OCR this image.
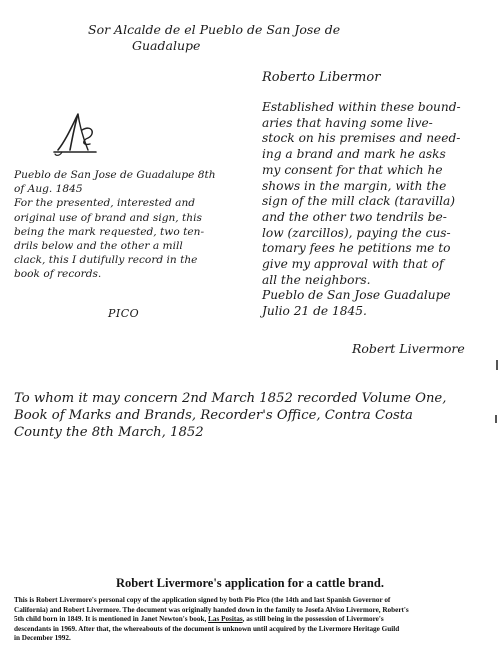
Sor Alcalde de el Pueblo de San Jose de
Guadalupe
Roberto Libermor
Pueblo de San Jose de Guadalupe 8th
of Aug. 1845
For the presented, interested and
original use of brand and sign, this
being the mark requested, two ten-
drils below and the other a mill
clack, this I dutifully record in the
book of records.
PICO
Established within these bound-
aries that having some live-
stock on his premises and need-
ing a brand and mark he asks
my consent for that which he
shows in the margin, with the
sign of the mill clack (taravilla)
and the other two tendrils be-
low (zarcillos), paying the cus-
tomary fees he petitions me to
give my approval with that of
all the neighbors.
Pueblo de San Jose Guadalupe
Julio 21 de 1845.
Robert Livermore
To whom it may concern 2nd March 1852 recorded Volume One,
Book of Marks and Brands, Recorder's Office, Contra Costa
County the 8th March, 1852
Robert Livermore's application for a cattle brand.
This is Robert Livermore's personal copy of the application signed by both Pio Pico (the 14th and last Spanish Governor of
California) and Robert Livermore. The document was originally handed down in the family to Josefa Alviso Livermore, Robert's
5th child born in 1849. It is mentioned in Janet Newton's book, Las Positas, as still being in the possession of Livermore's
descendants in 1969. After that, the whereabouts of the document is unknown until acquired by the Livermore Heritage Guild
in December 1992.
